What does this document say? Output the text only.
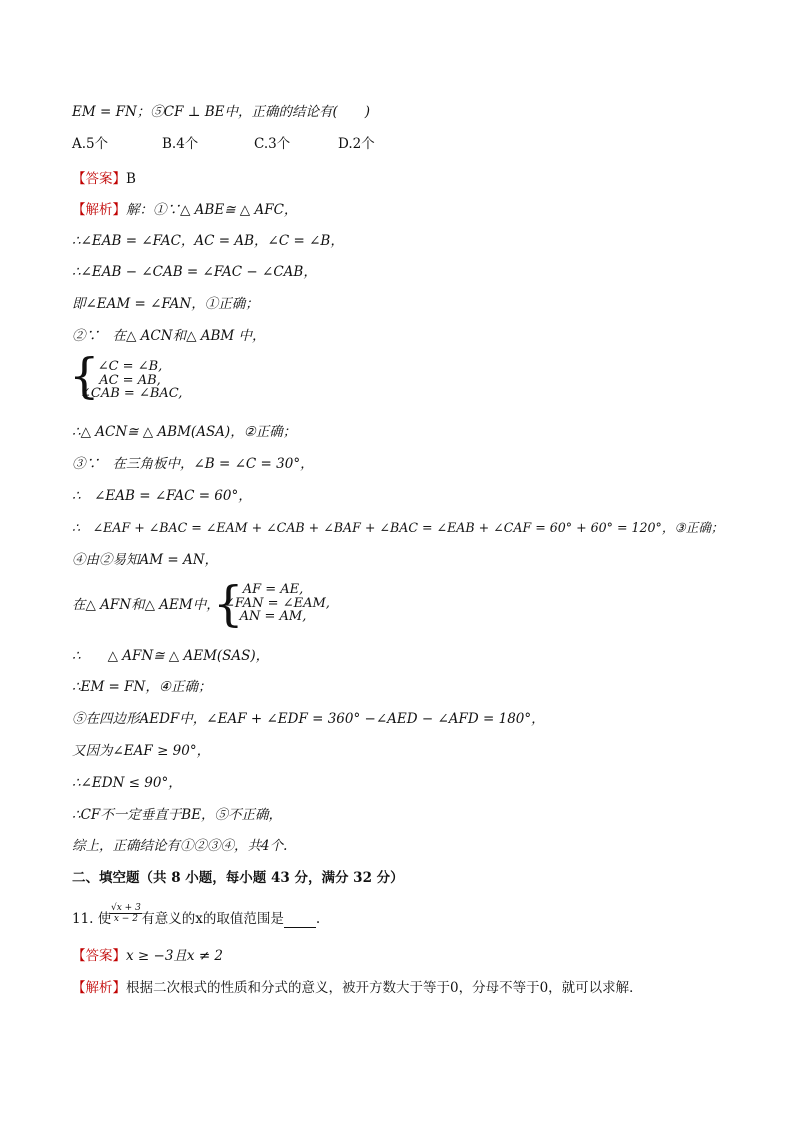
EM = FN；⑤CF ⊥ BE中，正确的结论有(　　)
A.5个	B.4个	C.3个	D.2个
【答案】B
【解析】解：①∵△ ABE≅ △ AFC，
∴∠EAB = ∠FAC，AC = AB，∠C = ∠B，
∴∠EAB − ∠CAB = ∠FAC − ∠CAB，
即∠EAM = ∠FAN，①正确；
②∵　在△ ACN和△ ABM 中，
{
∠C = ∠B,
AC = AB,
∠CAB = ∠BAC,
∴△ ACN≅ △ ABM(ASA)，②正确；
③∵　在三角板中，∠B = ∠C = 30°，
∴　∠EAB = ∠FAC = 60°，
∴　∠EAF + ∠BAC = ∠EAM + ∠CAB + ∠BAF + ∠BAC = ∠EAB + ∠CAF = 60° + 60° = 120°，③正确；
④由②易知AM = AN，
在△ AFN和△ AEM中，
{ AF = AE,
∠FAN = ∠EAM,
AN = AM,
∴　　△ AFN≅ △ AEM(SAS)，
∴EM = FN，④正确；
⑤在四边形AEDF中，∠EAF + ∠EDF = 360° −∠AED − ∠AFD = 180°，
又因为∠EAF ≥ 90°，
∴∠EDN ≤ 90°，
∴CF不一定垂直于BE，⑤不正确，
综上，正确结论有①②③④，共4个.
二、填空题（共 8 小题，每小题 43 分，满分 32 分）
11. 使 有意义的x的取值范围是 .
$\frac{√x + 3}{x - 2}$
【答案】x ≥ −3且x ≠ 2
【解析】根据二次根式的性质和分式的意义，被开方数大于等于0，分母不等于0，就可以求解．
